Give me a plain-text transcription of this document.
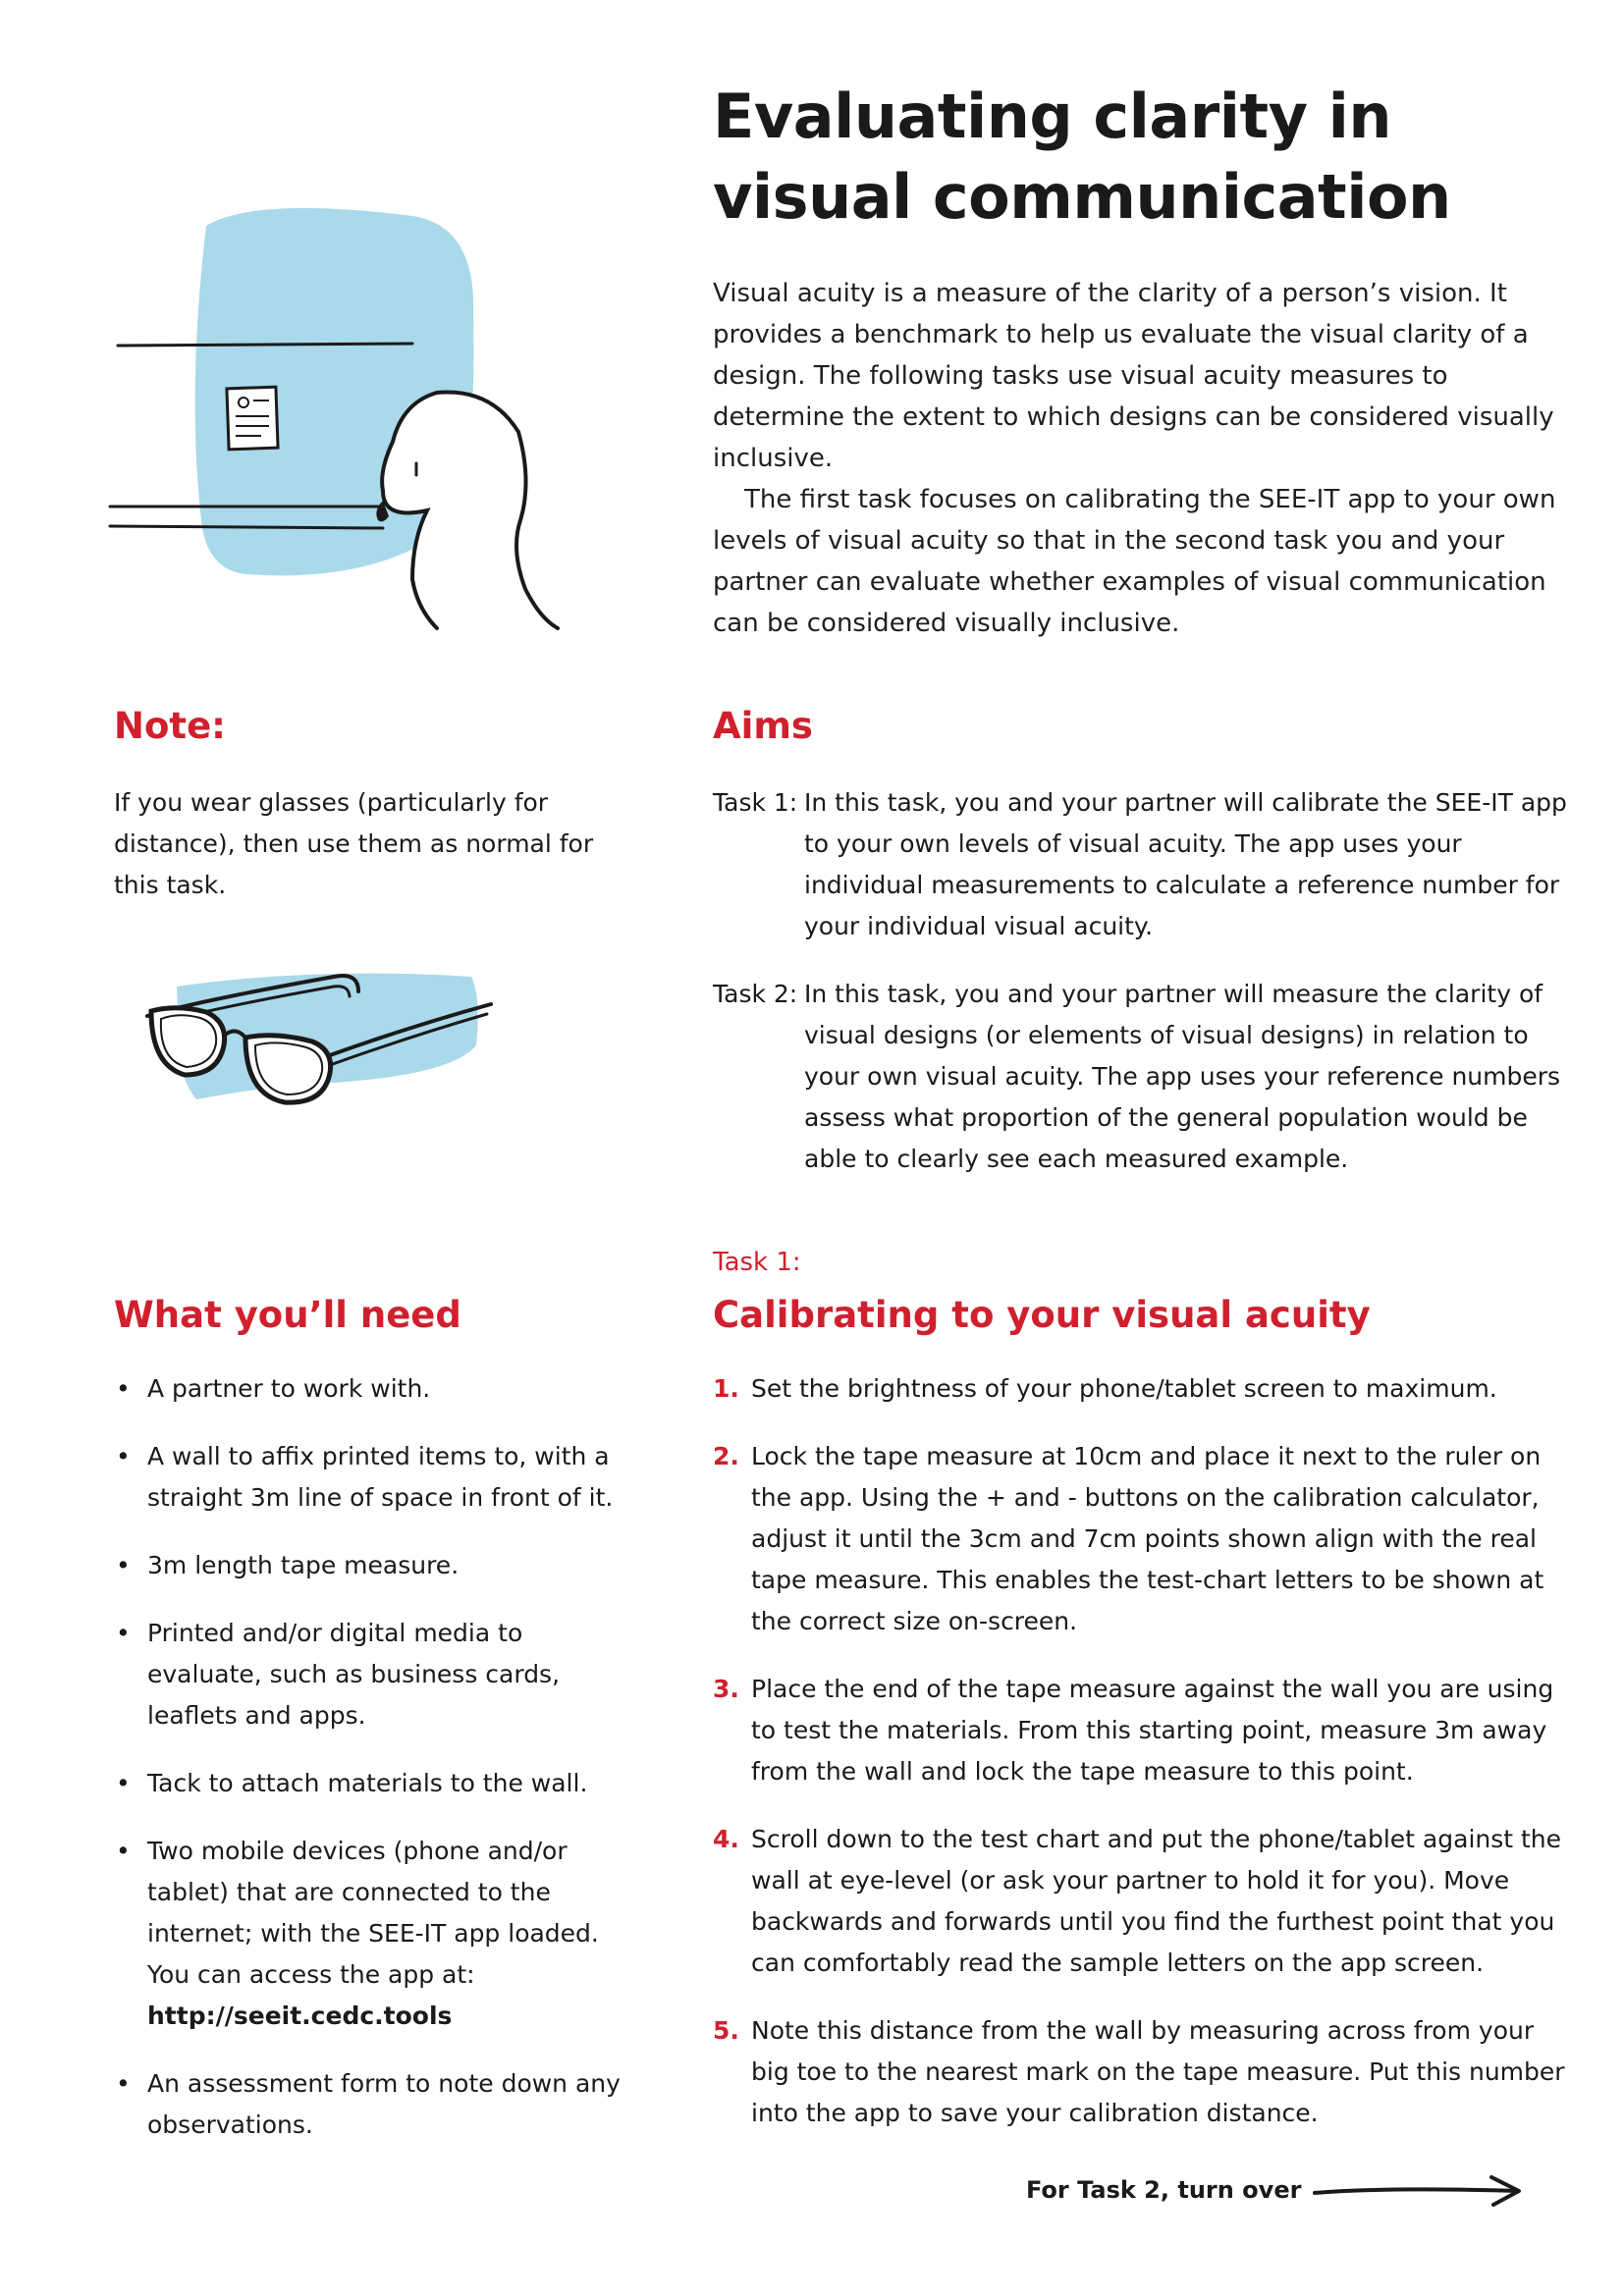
Evaluating clarity in
visual communication

Visual acuity is a measure of the clarity of a person’s vision. It provides a benchmark to help us evaluate the visual clarity of a design. The following tasks use visual acuity measures to determine the extent to which designs can be considered visually inclusive.

The first task focuses on calibrating the SEE-IT app to your own levels of visual acuity so that in the second task you and your partner can evaluate whether examples of visual communication can be considered visually inclusive.

Note:
If you wear glasses (particularly for distance), then use them as normal for this task.
Aims
Task 1: In this task, you and your partner will calibrate the SEE-IT app to your own levels of visual acuity. The app uses your individual measurements to calculate a reference number for your individual visual acuity.
Task 2: In this task, you and your partner will measure the clarity of visual designs (or elements of visual designs) in relation to your own visual acuity. The app uses your reference numbers assess what proportion of the general population would be able to clearly see each measured example.
What you’ll need
• A partner to work with.
• A wall to affix printed items to, with a straight 3m line of space in front of it.
• 3m length tape measure.
• Printed and/or digital media to evaluate, such as business cards, leaflets and apps.
• Tack to attach materials to the wall.
• Two mobile devices (phone and/or tablet) that are connected to the internet; with the SEE-IT app loaded. You can access the app at:
http://seeit.cedc.tools
• An assessment form to note down any observations.
Task 1:
Calibrating to your visual acuity
1. Set the brightness of your phone/tablet screen to maximum.
2. Lock the tape measure at 10cm and place it next to the ruler on the app. Using the + and - buttons on the calibration calculator, adjust it until the 3cm and 7cm points shown align with the real tape measure. This enables the test-chart letters to be shown at the correct size on-screen.
3. Place the end of the tape measure against the wall you are using to test the materials. From this starting point, measure 3m away from the wall and lock the tape measure to this point.
4. Scroll down to the test chart and put the phone/tablet against the wall at eye-level (or ask your partner to hold it for you). Move backwards and forwards until you find the furthest point that you can comfortably read the sample letters on the app screen.
5. Note this distance from the wall by measuring across from your big toe to the nearest mark on the tape measure. Put this number into the app to save your calibration distance.
For Task 2, turn over
